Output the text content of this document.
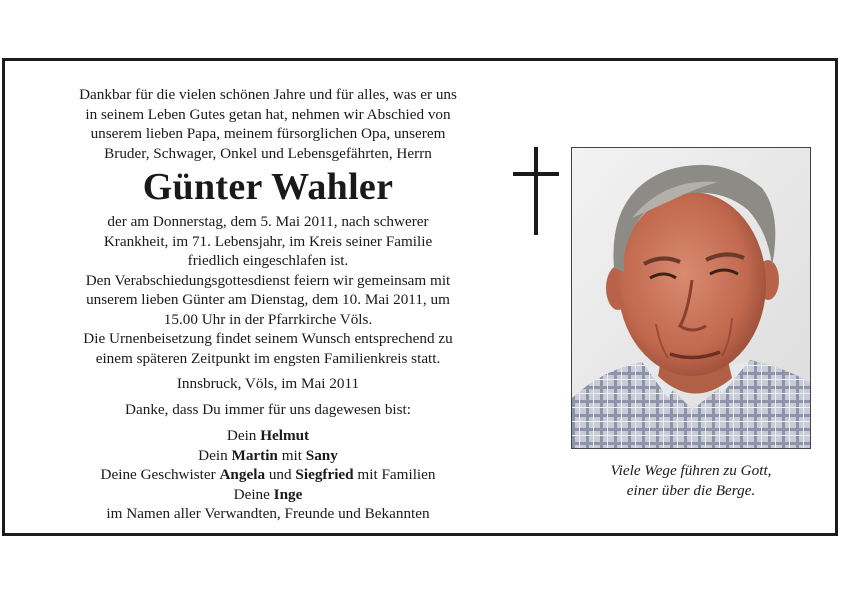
Dankbar für die vielen schönen Jahre und für alles, was er uns

in seinem Leben Gutes getan hat, nehmen wir Abschied von

unserem lieben Papa, meinem fürsorglichen Opa, unserem

Bruder, Schwager, Onkel und Lebensgefährten, Herrn

Günter Wahler

der am Donnerstag, dem 5. Mai 2011, nach schwerer

Krankheit, im 71. Lebensjahr, im Kreis seiner Familie

friedlich eingeschlafen ist.

Den Verabschiedungsgottesdienst feiern wir gemeinsam mit

unserem lieben Günter am Dienstag, dem 10. Mai 2011, um

15.00 Uhr in der Pfarrkirche Völs.

Die Urnenbeisetzung findet seinem Wunsch entsprechend zu

einem späteren Zeitpunkt im engsten Familienkreis statt.

Innsbruck, Völs, im Mai 2011

Danke, dass Du immer für uns dagewesen bist:

Dein Helmut

Dein Martin mit Sany

Deine Geschwister Angela und Siegfried mit Familien

Deine Inge

im Namen aller Verwandten, Freunde und Bekannten

Viele Wege führen zu Gott,

einer über die Berge.
